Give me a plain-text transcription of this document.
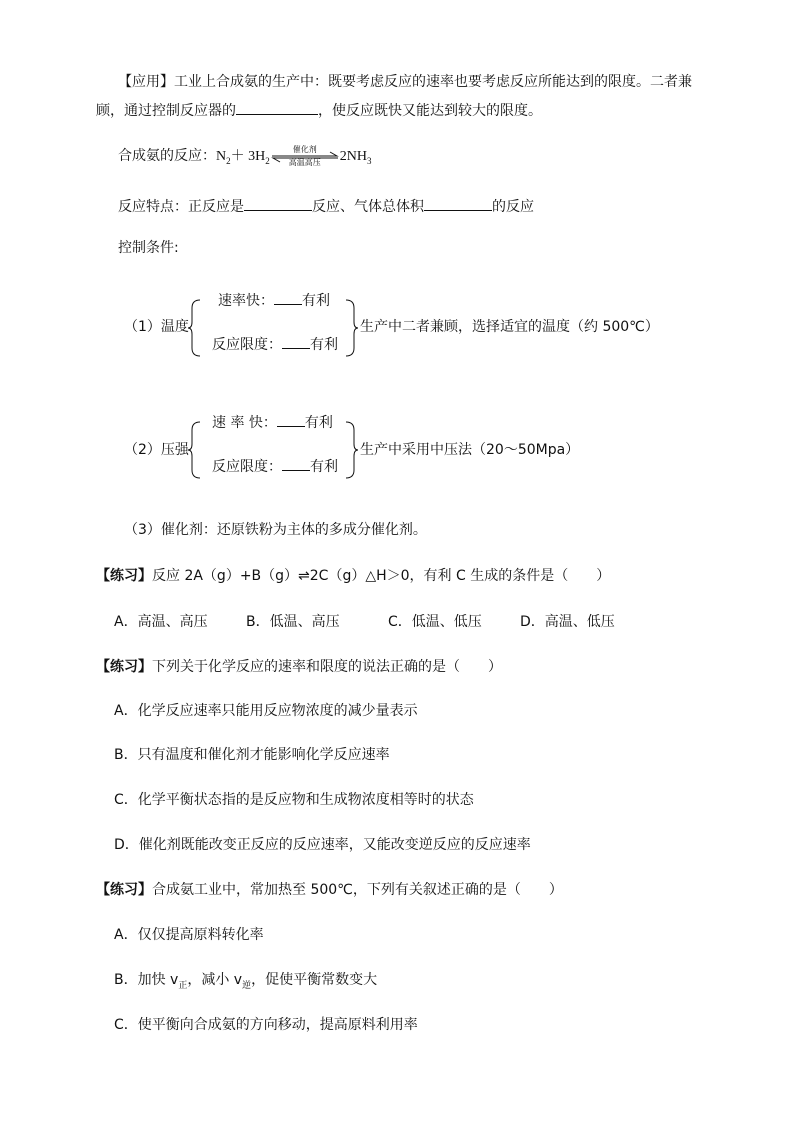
【应用】工业上合成氨的生产中：既要考虑反应的速率也要考虑反应所能达到的限度。二者兼
顾，通过控制反应器的	，使反应既快又能达到较大的限度。
合成氨的反应：$N_2+ 3H_2$
催化剂
高温高压	$2NH_3$
反应特点：正反应是	反应、气体总体积	的反应
控制条件:
（1）温度
速率快： 有利
反应限度： 有利
生产中二者兼顾，选择适宜的温度（约 500℃）
（2）压强
速 率 快： 有利
反应限度： 有利
生产中采用中压法（20～50Mpa）
（3）催化剂：还原铁粉为主体的多成分催化剂。
【练习】反应 2A（g）+B（g）⇌2C（g）△H＞0，有利 C 生成的条件是（　　）
A．高温、高压	B．低温、高压	C．低温、低压	D．高温、低压
【练习】下列关于化学反应的速率和限度的说法正确的是（　　）
A．化学反应速率只能用反应物浓度的减少量表示
B．只有温度和催化剂才能影响化学反应速率
C．化学平衡状态指的是反应物和生成物浓度相等时的状态
D．催化剂既能改变正反应的反应速率，又能改变逆反应的反应速率
【练习】合成氨工业中，常加热至 500℃，下列有关叙述正确的是（　　）
A．仅仅提高原料转化率
B．加快 $v_正$，减小 $v_逆$，促使平衡常数变大
C．使平衡向合成氨的方向移动，提高原料利用率
